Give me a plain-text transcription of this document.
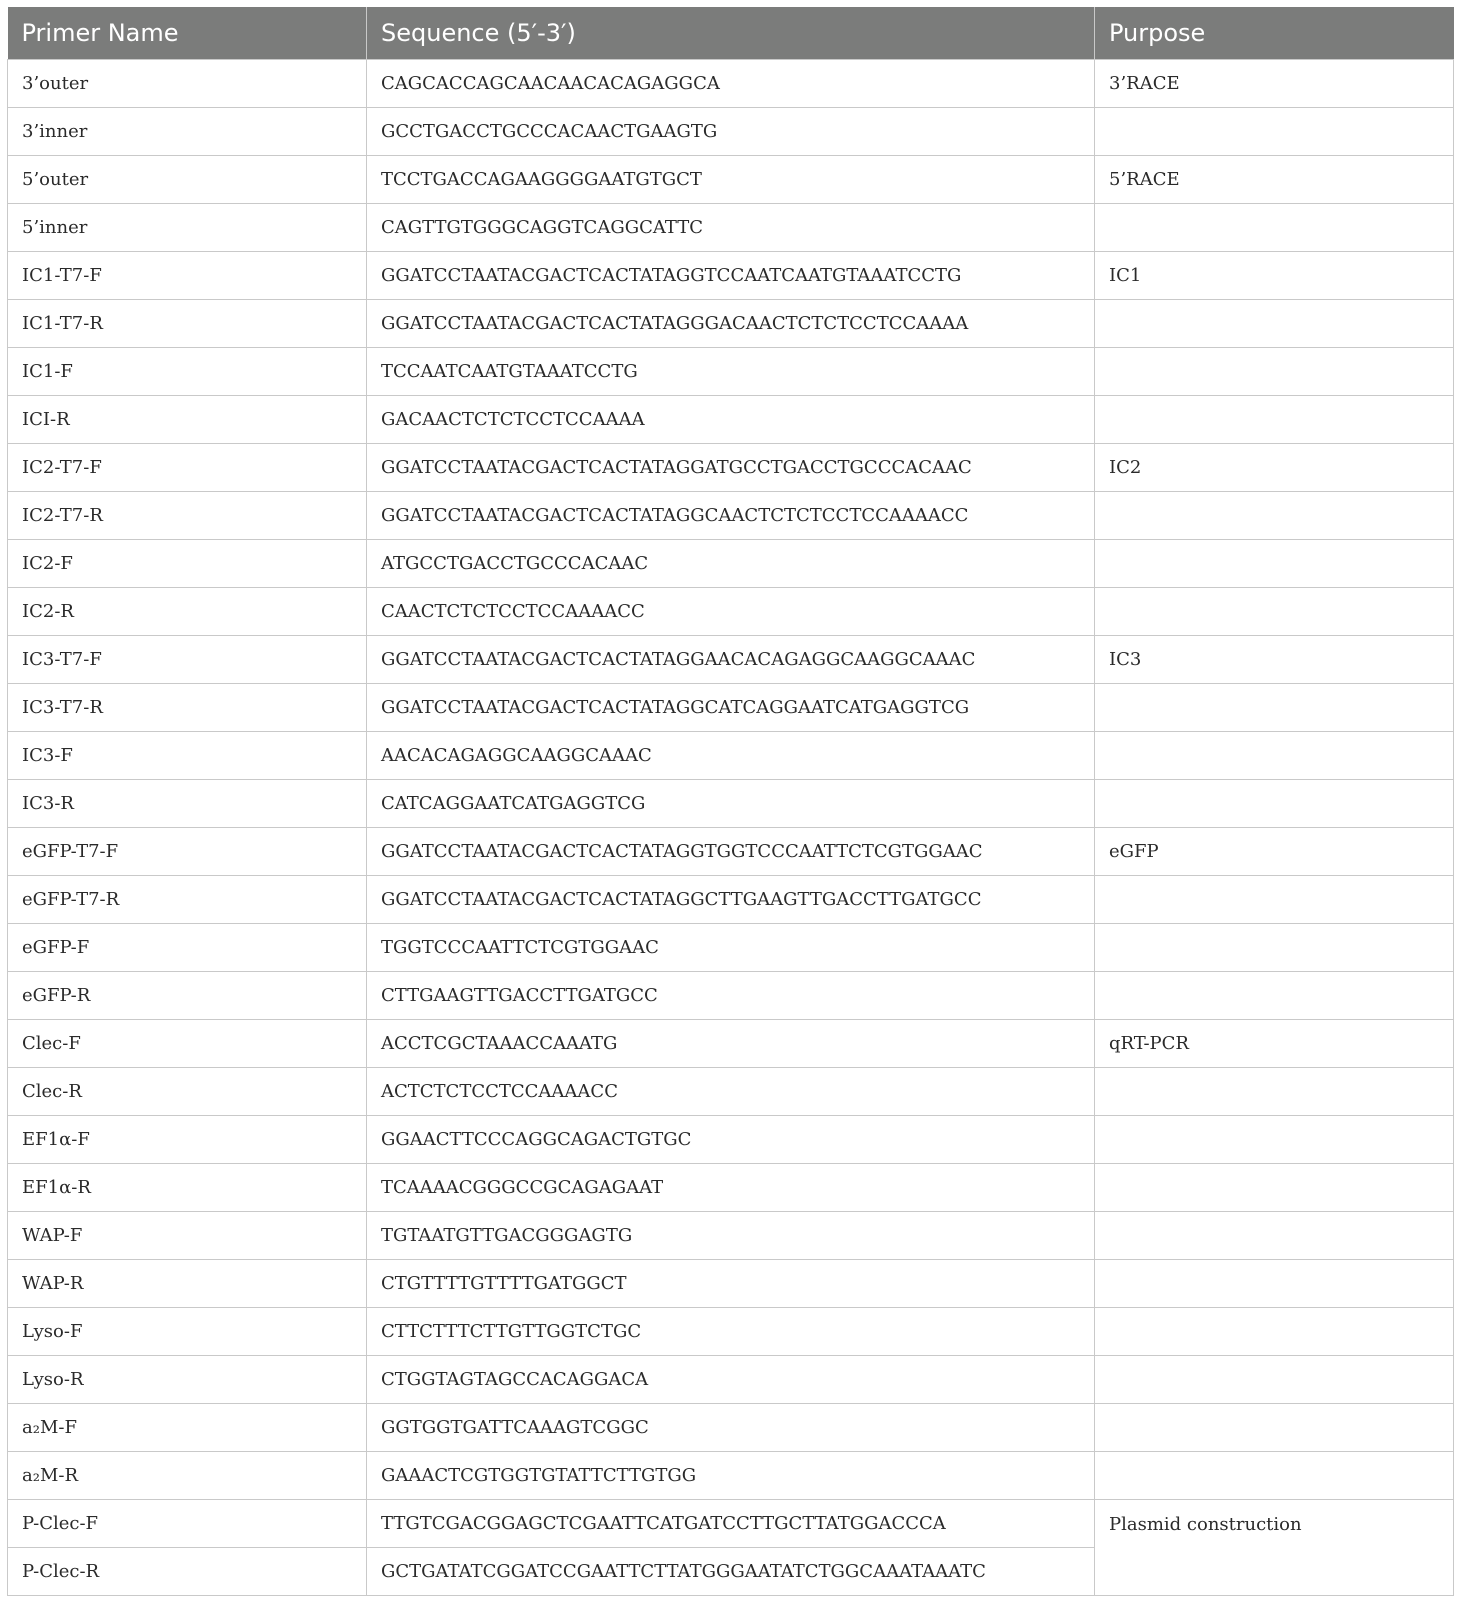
Primer Name	Sequence (5′-3′)	Purpose
3’outer	CAGCACCAGCAACAACACAGAGGCA	3’RACE
3’inner	GCCTGACCTGCCCACAACTGAAGTG	
5’outer	TCCTGACCAGAAGGGGAATGTGCT	5’RACE
5’inner	CAGTTGTGGGCAGGTCAGGCATTC	
IC1-T7-F	GGATCCTAATACGACTCACTATAGGTCCAATCAATGTAAATCCTG	IC1
IC1-T7-R	GGATCCTAATACGACTCACTATAGGGACAACTCTCTCCTCCAAAA	
IC1-F	TCCAATCAATGTAAATCCTG	
ICI-R	GACAACTCTCTCCTCCAAAA	
IC2-T7-F	GGATCCTAATACGACTCACTATAGGATGCCTGACCTGCCCACAAC	IC2
IC2-T7-R	GGATCCTAATACGACTCACTATAGGCAACTCTCTCCTCCAAAACC	
IC2-F	ATGCCTGACCTGCCCACAAC	
IC2-R	CAACTCTCTCCTCCAAAACC	
IC3-T7-F	GGATCCTAATACGACTCACTATAGGAACACAGAGGCAAGGCAAAC	IC3
IC3-T7-R	GGATCCTAATACGACTCACTATAGGCATCAGGAATCATGAGGTCG	
IC3-F	AACACAGAGGCAAGGCAAAC	
IC3-R	CATCAGGAATCATGAGGTCG	
eGFP-T7-F	GGATCCTAATACGACTCACTATAGGTGGTCCCAATTCTCGTGGAAC	eGFP
eGFP-T7-R	GGATCCTAATACGACTCACTATAGGCTTGAAGTTGACCTTGATGCC	
eGFP-F	TGGTCCCAATTCTCGTGGAAC	
eGFP-R	CTTGAAGTTGACCTTGATGCC	
Clec-F	ACCTCGCTAAACCAAATG	qRT-PCR
Clec-R	ACTCTCTCCTCCAAAACC	
EF1α-F	GGAACTTCCCAGGCAGACTGTGC	
EF1α-R	TCAAAACGGGCCGCAGAGAAT	
WAP-F	TGTAATGTTGACGGGAGTG	
WAP-R	CTGTTTTGTTTTGATGGCT	
Lyso-F	CTTCTTTCTTGTTGGTCTGC	
Lyso-R	CTGGTAGTAGCCACAGGACA	
a₂M-F	GGTGGTGATTCAAAGTCGGC	
a₂M-R	GAAACTCGTGGTGTATTCTTGTGG	
P-Clec-F	TTGTCGACGGAGCTCGAATTCATGATCCTTGCTTATGGACCCA	Plasmid construction
P-Clec-R	GCTGATATCGGATCCGAATTCTTATGGGAATATCTGGCAAATAAATC	
